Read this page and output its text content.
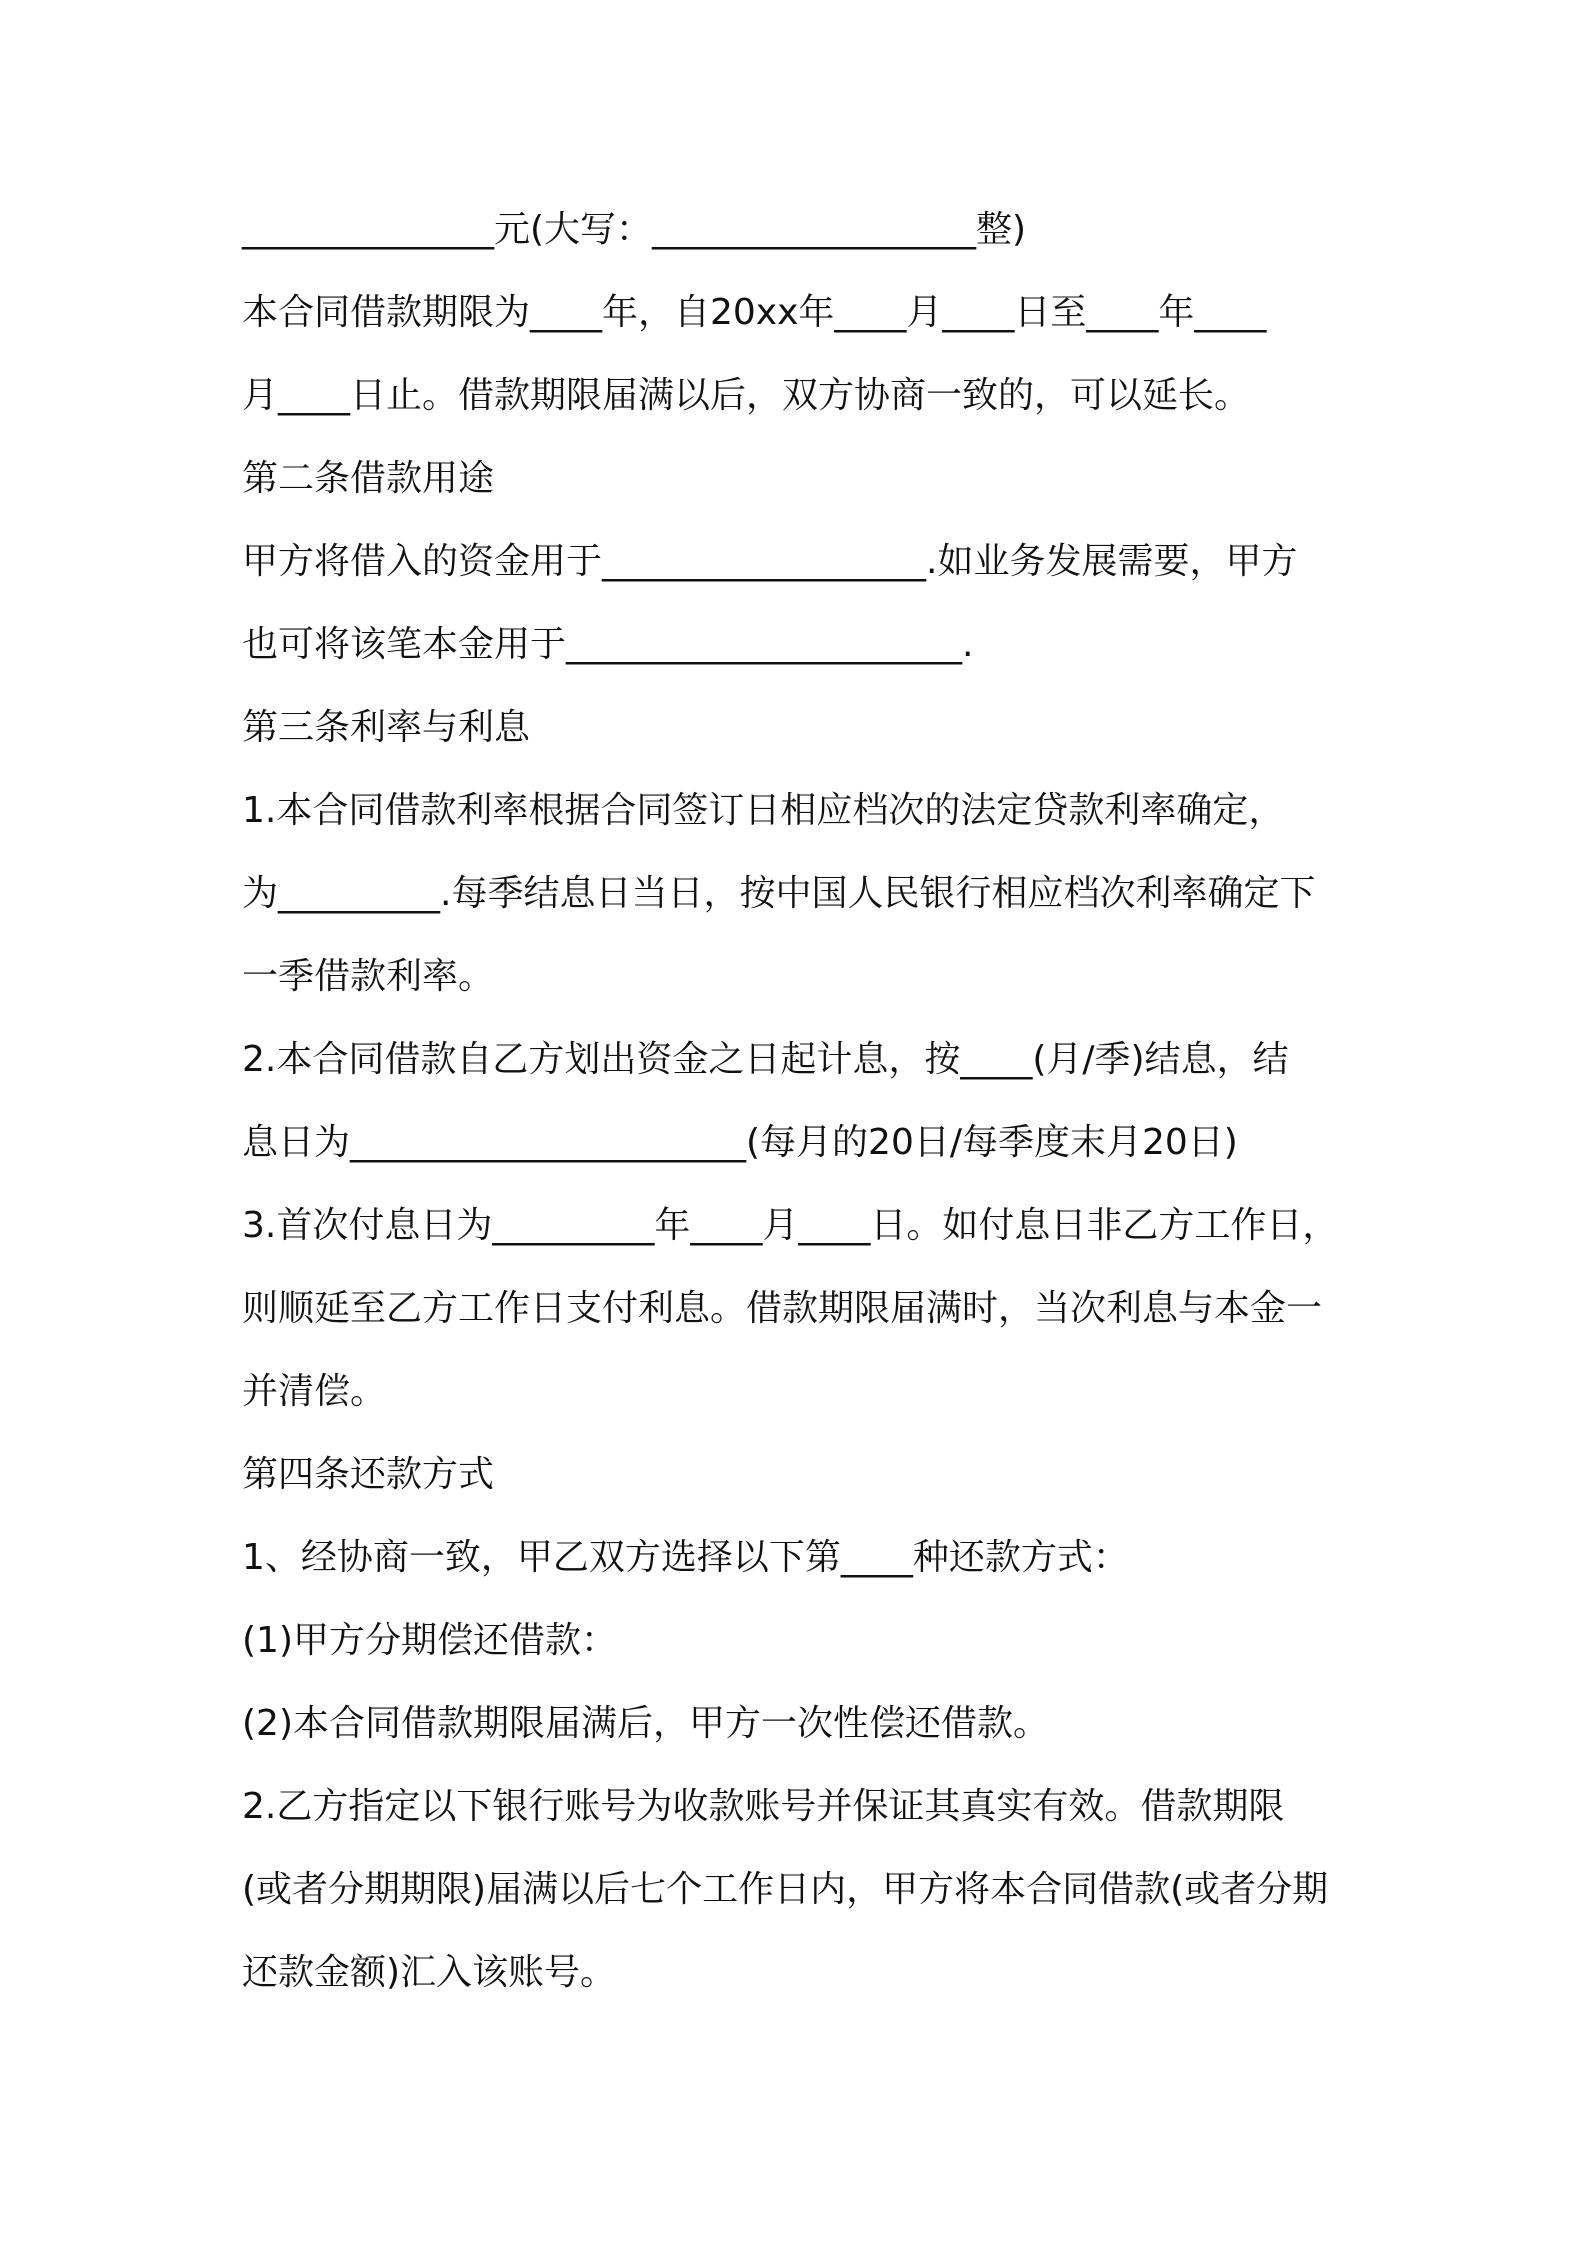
______________元(大写：__________________整)
本合同借款期限为____年，自20xx年____月____日至____年____
月____日止。借款期限届满以后，双方协商一致的，可以延长。
第二条借款用途
甲方将借入的资金用于__________________.如业务发展需要，甲方
也可将该笔本金用于______________________.
第三条利率与利息
1.本合同借款利率根据合同签订日相应档次的法定贷款利率确定，
为_________.每季结息日当日，按中国人民银行相应档次利率确定下
一季借款利率。
2.本合同借款自乙方划出资金之日起计息，按____(月/季)结息，结
息日为______________________(每月的20日/每季度末月20日)
3.首次付息日为_________年____月____日。如付息日非乙方工作日，
则顺延至乙方工作日支付利息。借款期限届满时，当次利息与本金一
并清偿。
第四条还款方式
1、经协商一致，甲乙双方选择以下第____种还款方式：
(1)甲方分期偿还借款：
(2)本合同借款期限届满后，甲方一次性偿还借款。
2.乙方指定以下银行账号为收款账号并保证其真实有效。借款期限
(或者分期期限)届满以后七个工作日内，甲方将本合同借款(或者分期
还款金额)汇入该账号。
